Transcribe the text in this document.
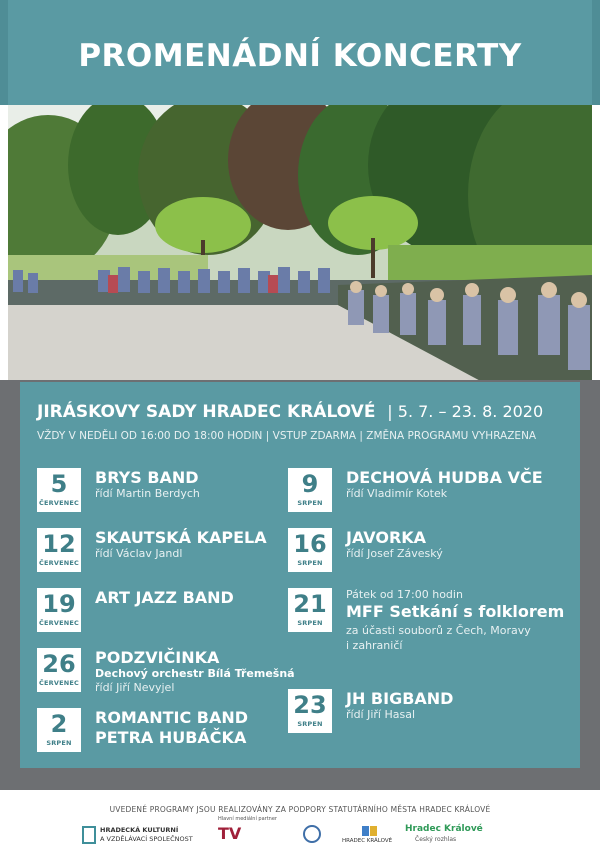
PROMENÁDNÍ KONCERTY
JIRÁSKOVY SADY HRADEC KRÁLOVÉ | 5. 7. – 23. 8. 2020
VŽDY V NEDĚLI OD 16:00 DO 18:00 HODIN | VSTUP ZDARMA | ZMĚNA PROGRAMU VYHRAZENA
5
ČERVENEC
BRYS BAND
řídí Martin Berdych
12
ČERVENEC
SKAUTSKÁ KAPELA
řídí Václav Jandl
19
ČERVENEC
ART JAZZ BAND
26
ČERVENEC
PODZVIČINKA
Dechový orchestr Bílá Třemešná
řídí Jiří Nevyjel
2
SRPEN
ROMANTIC BAND
PETRA HUBÁČKA
9
SRPEN
DECHOVÁ HUDBA VČE
řídí Vladimír Kotek
16
SRPEN
JAVORKA
řídí Josef Záveský
21
SRPEN
Pátek od 17:00 hodin
MFF Setkání s folklorem
za účasti souborů z Čech, Moravy
i zahraničí
23
SRPEN
JH BIGBAND
řídí Jiří Hasal
UVEDENÉ PROGRAMY JSOU REALIZOVÁNY ZA PODPORY STATUTÁRNÍHO MĚSTA HRADEC KRÁLOVÉ
HRADECKÁ KULTURNÍ
A VZDĚLÁVACÍ SPOLEČNOST
Hlavní mediální partner
TV	HRADEC KRÁLOVÉ
Hradec Králové
Český rozhlas
